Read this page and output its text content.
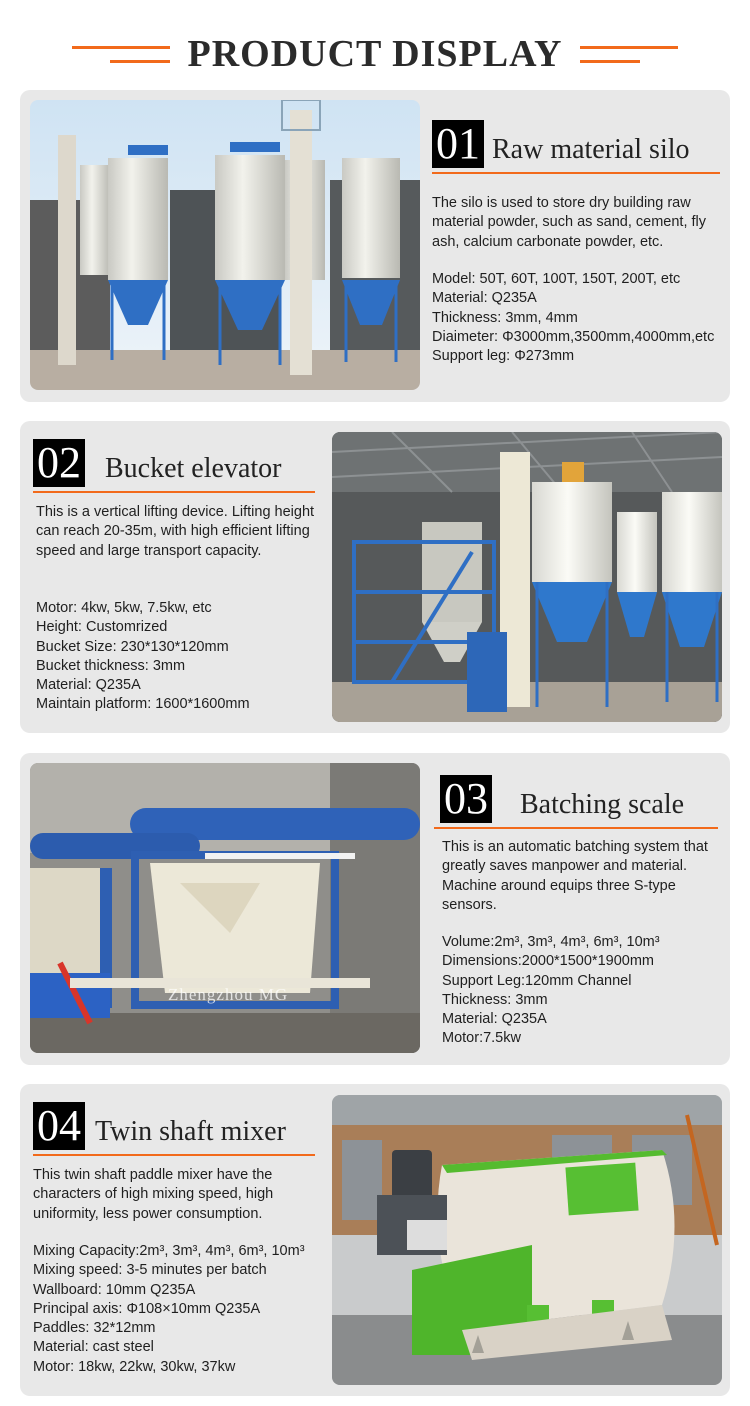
PRODUCT DISPLAY
01 Raw material silo

The silo is used to store dry building raw material powder, such as sand, cement, fly ash, calcium carbonate powder, etc.

Model: 50T, 60T, 100T, 150T, 200T, etc
Material: Q235A
Thickness: 3mm, 4mm
Diaimeter: Φ3000mm,3500mm,4000mm,etc
Support leg: Φ273mm
02 Bucket elevator

This is a vertical lifting device. Lifting height can reach 20-35m, with high efficient lifting speed and large transport capacity.

Motor: 4kw, 5kw, 7.5kw, etc
Height: Customrized
Bucket Size: 230*130*120mm
Bucket thickness: 3mm
Material: Q235A
Maintain platform: 1600*1600mm
Zhengzhou MG
03 Batching scale

This is an automatic batching system that greatly saves manpower and material. Machine around equips three S-type sensors.

Volume:2m³, 3m³, 4m³, 6m³, 10m³
Dimensions:2000*1500*1900mm
Support Leg:120mm Channel
Thickness: 3mm
Material: Q235A
Motor:7.5kw
04 Twin shaft mixer

This twin shaft paddle mixer have the characters of high mixing speed, high uniformity, less power consumption.

Mixing Capacity:2m³, 3m³, 4m³, 6m³, 10m³
Mixing speed: 3-5 minutes per batch
Wallboard: 10mm Q235A
Principal axis: Φ108×10mm Q235A
Paddles: 32*12mm
Material: cast steel
Motor: 18kw, 22kw, 30kw, 37kw
